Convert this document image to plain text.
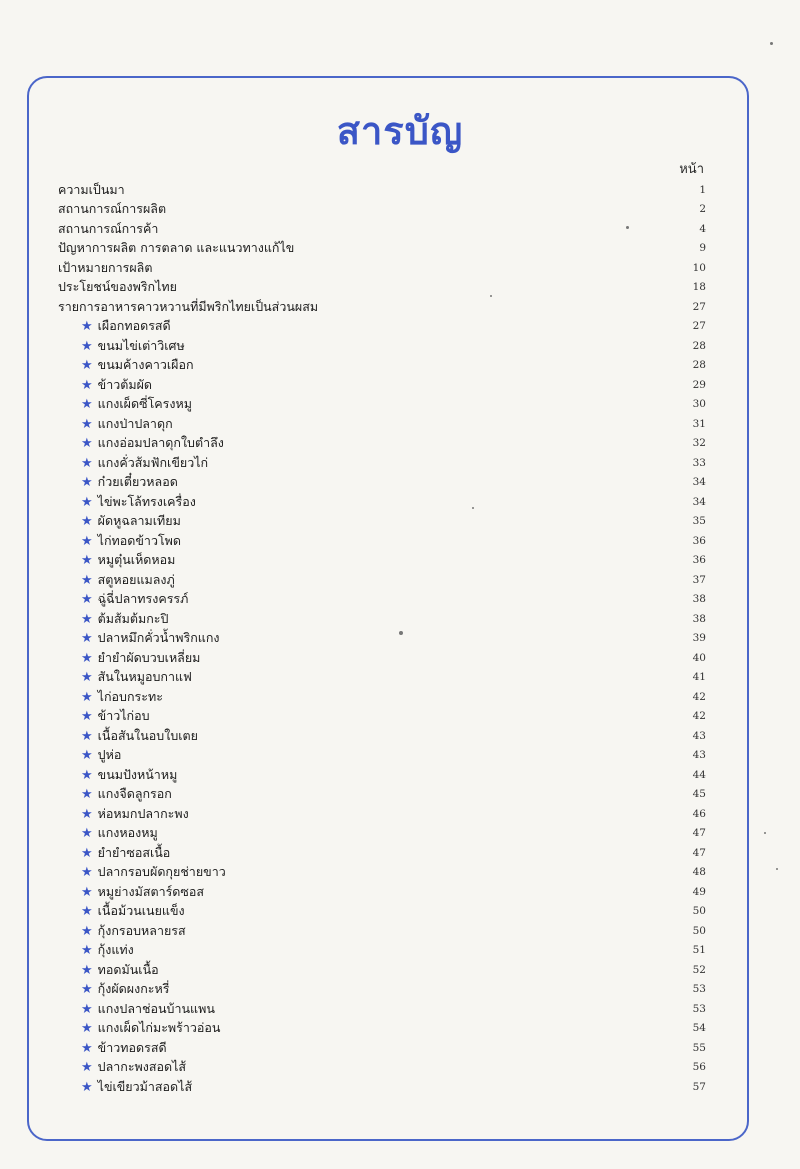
สารบัญ
หน้า
ความเป็นมา	1
สถานการณ์การผลิต	2
สถานการณ์การค้า	4
ปัญหาการผลิต การตลาด และแนวทางแก้ไข	9
เป้าหมายการผลิต	10
ประโยชน์ของพริกไทย	18
รายการอาหารคาวหวานที่มีพริกไทยเป็นส่วนผสม	27
★ เผือกทอดรสดี	27
★ ขนมไข่เต่าวิเศษ	28
★ ขนมค้างคาวเผือก	28
★ ข้าวต้มผัด	29
★ แกงเผ็ดซี่โครงหมู	30
★ แกงป่าปลาดุก	31
★ แกงอ่อมปลาดุกใบตำลึง	32
★ แกงคั่วส้มฟักเขียวไก่	33
★ ก๋วยเตี๋ยวหลอด	34
★ ไข่พะโล้ทรงเครื่อง	34
★ ผัดหูฉลามเทียม	35
★ ไก่ทอดข้าวโพด	36
★ หมูตุ๋นเห็ดหอม	36
★ สตูหอยแมลงภู่	37
★ ฉู่ฉี่ปลาทรงครรภ์	38
★ ต้มส้มต้มกะปิ	38
★ ปลาหมึกคั่วน้ำพริกแกง	39
★ ยำยำผัดบวบเหลี่ยม	40
★ สันในหมูอบกาแฟ	41
★ ไก่อบกระทะ	42
★ ข้าวไก่อบ	42
★ เนื้อสันในอบใบเตย	43
★ ปูห่อ	43
★ ขนมปังหน้าหมู	44
★ แกงจืดลูกรอก	45
★ ห่อหมกปลากะพง	46
★ แกงหองหมู	47
★ ยำยำซอสเนื้อ	47
★ ปลากรอบผัดกุยช่ายขาว	48
★ หมูย่างมัสตาร์ดซอส	49
★ เนื้อม้วนเนยแข็ง	50
★ กุ้งกรอบหลายรส	50
★ กุ้งแท่ง	51
★ ทอดมันเนื้อ	52
★ กุ้งผัดผงกะหรี่	53
★ แกงปลาช่อนบ้านแพน	53
★ แกงเผ็ดไก่มะพร้าวอ่อน	54
★ ข้าวทอดรสดี	55
★ ปลากะพงสอดไส้	56
★ ไข่เขียวม้าสอดไส้	57
